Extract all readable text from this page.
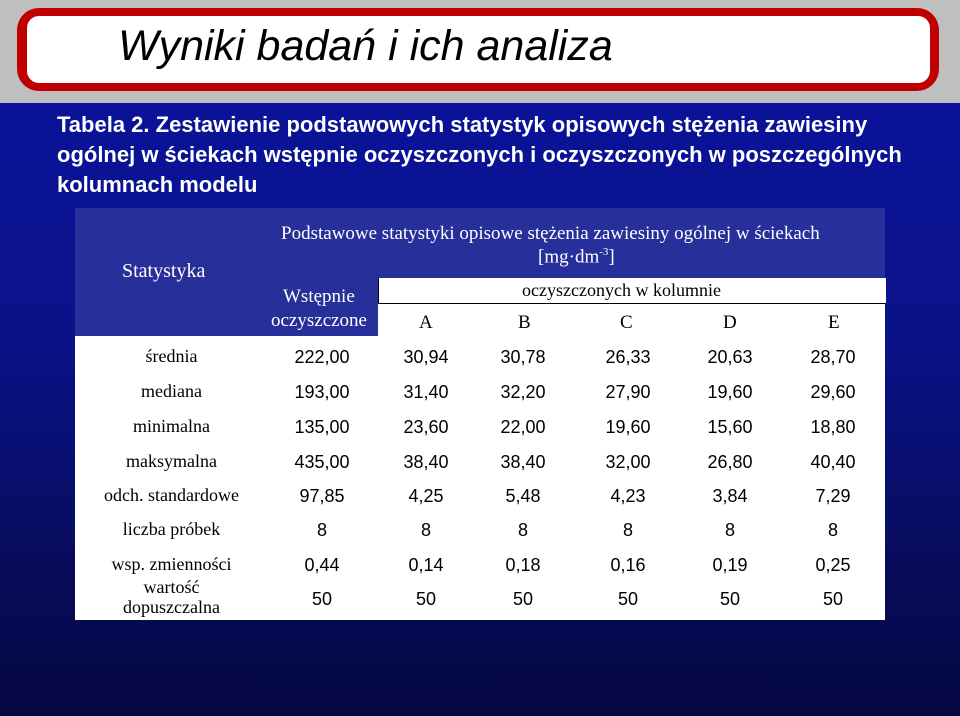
Wyniki badań i ich analiza
Tabela 2. Zestawienie podstawowych statystyk opisowych stężenia zawiesiny ogólnej w ściekach wstępnie oczyszczonych i oczyszczonych w poszczególnych kolumnach modelu
Statystyka
Podstawowe statystyki opisowe stężenia zawiesiny ogólnej w ściekach
$[mg\cdot dm^{-3}]$
Wstępnie
oczyszczone
oczyszczonych w kolumnie
A	B	C	D	E
średnia	222,00	30,94	30,78	26,33	20,63	28,70
mediana	193,00	31,40	32,20	27,90	19,60	29,60
minimalna	135,00	23,60	22,00	19,60	15,60	18,80
maksymalna	435,00	38,40	38,40	32,00	26,80	40,40
odch. standardowe	97,85	4,25	5,48	4,23	3,84	7,29
liczba próbek	8	8	8	8	8	8
wsp. zmienności	0,44	0,14	0,18	0,16	0,19	0,25
wartość
dopuszczalna	50	50	50	50	50	50
